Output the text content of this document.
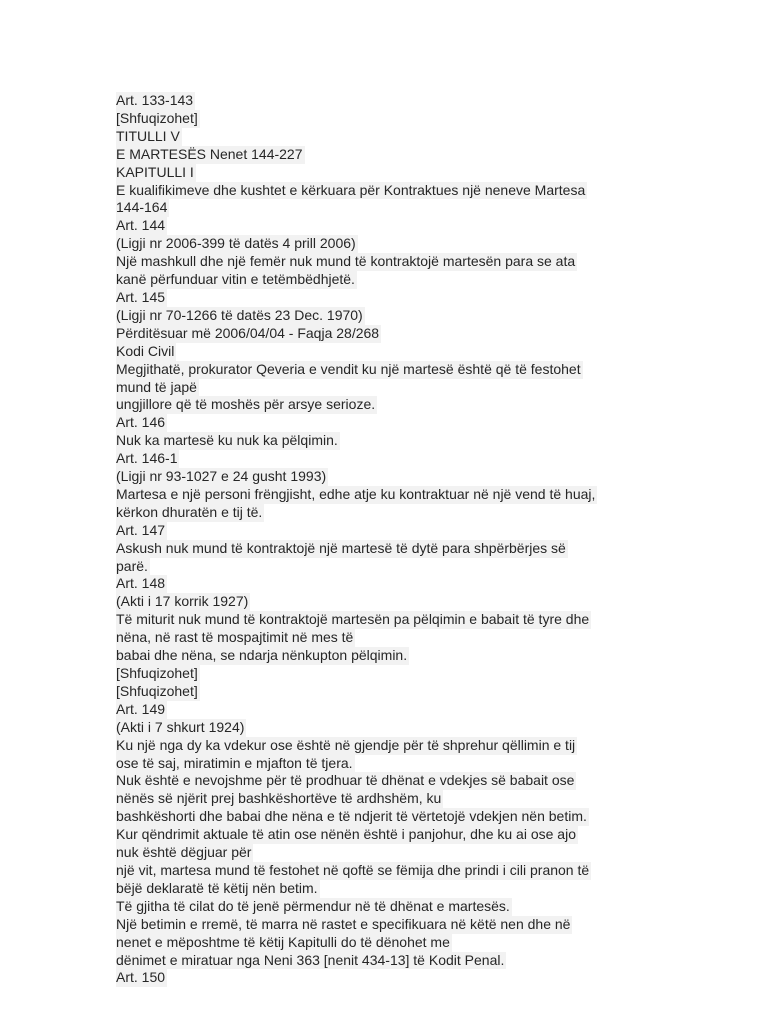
Art. 133-143
[Shfuqizohet]
TITULLI V
E MARTESËS Nenet 144-227
KAPITULLI I
E kualifikimeve dhe kushtet e kërkuara për Kontraktues një neneve Martesa
144-164
Art. 144
(Ligji nr 2006-399 të datës 4 prill 2006)
Një mashkull dhe një femër nuk mund të kontraktojë martesën para se ata
kanë përfunduar vitin e tetëmbëdhjetë.
Art. 145
(Ligji nr 70-1266 të datës 23 Dec. 1970)
Përditësuar më 2006/04/04 - Faqja 28/268
Kodi Civil
Megjithatë, prokurator Qeveria e vendit ku një martesë është që të festohet
mund të japë
ungjillore që të moshës për arsye serioze.
Art. 146
Nuk ka martesë ku nuk ka pëlqimin.
Art. 146-1
(Ligji nr 93-1027 e 24 gusht 1993)
Martesa e një personi frëngjisht, edhe atje ku kontraktuar në një vend të huaj,
kërkon dhuratën e tij të.
Art. 147
Askush nuk mund të kontraktojë një martesë të dytë para shpërbërjes së
parë.
Art. 148
(Akti i 17 korrik 1927)
Të miturit nuk mund të kontraktojë martesën pa pëlqimin e babait të tyre dhe
nëna, në rast të mospajtimit në mes të
babai dhe nëna, se ndarja nënkupton pëlqimin.
[Shfuqizohet]
[Shfuqizohet]
Art. 149
(Akti i 7 shkurt 1924)
Ku një nga dy ka vdekur ose është në gjendje për të shprehur qëllimin e tij
ose të saj, miratimin e mjafton të tjera.
Nuk është e nevojshme për të prodhuar të dhënat e vdekjes së babait ose
nënës së njërit prej bashkëshortëve të ardhshëm, ku
bashkëshorti dhe babai dhe nëna e të ndjerit të vërtetojë vdekjen nën betim.
Kur qëndrimit aktuale të atin ose nënën është i panjohur, dhe ku ai ose ajo
nuk është dëgjuar për
një vit, martesa mund të festohet në qoftë se fëmija dhe prindi i cili pranon të
bëjë deklaratë të këtij nën betim.
Të gjitha të cilat do të jenë përmendur në të dhënat e martesës.
Një betimin e rremë, të marra në rastet e specifikuara në këtë nen dhe në
nenet e mëposhtme të këtij Kapitulli do të dënohet me
dënimet e miratuar nga Neni 363 [nenit 434-13] të Kodit Penal.
Art. 150
